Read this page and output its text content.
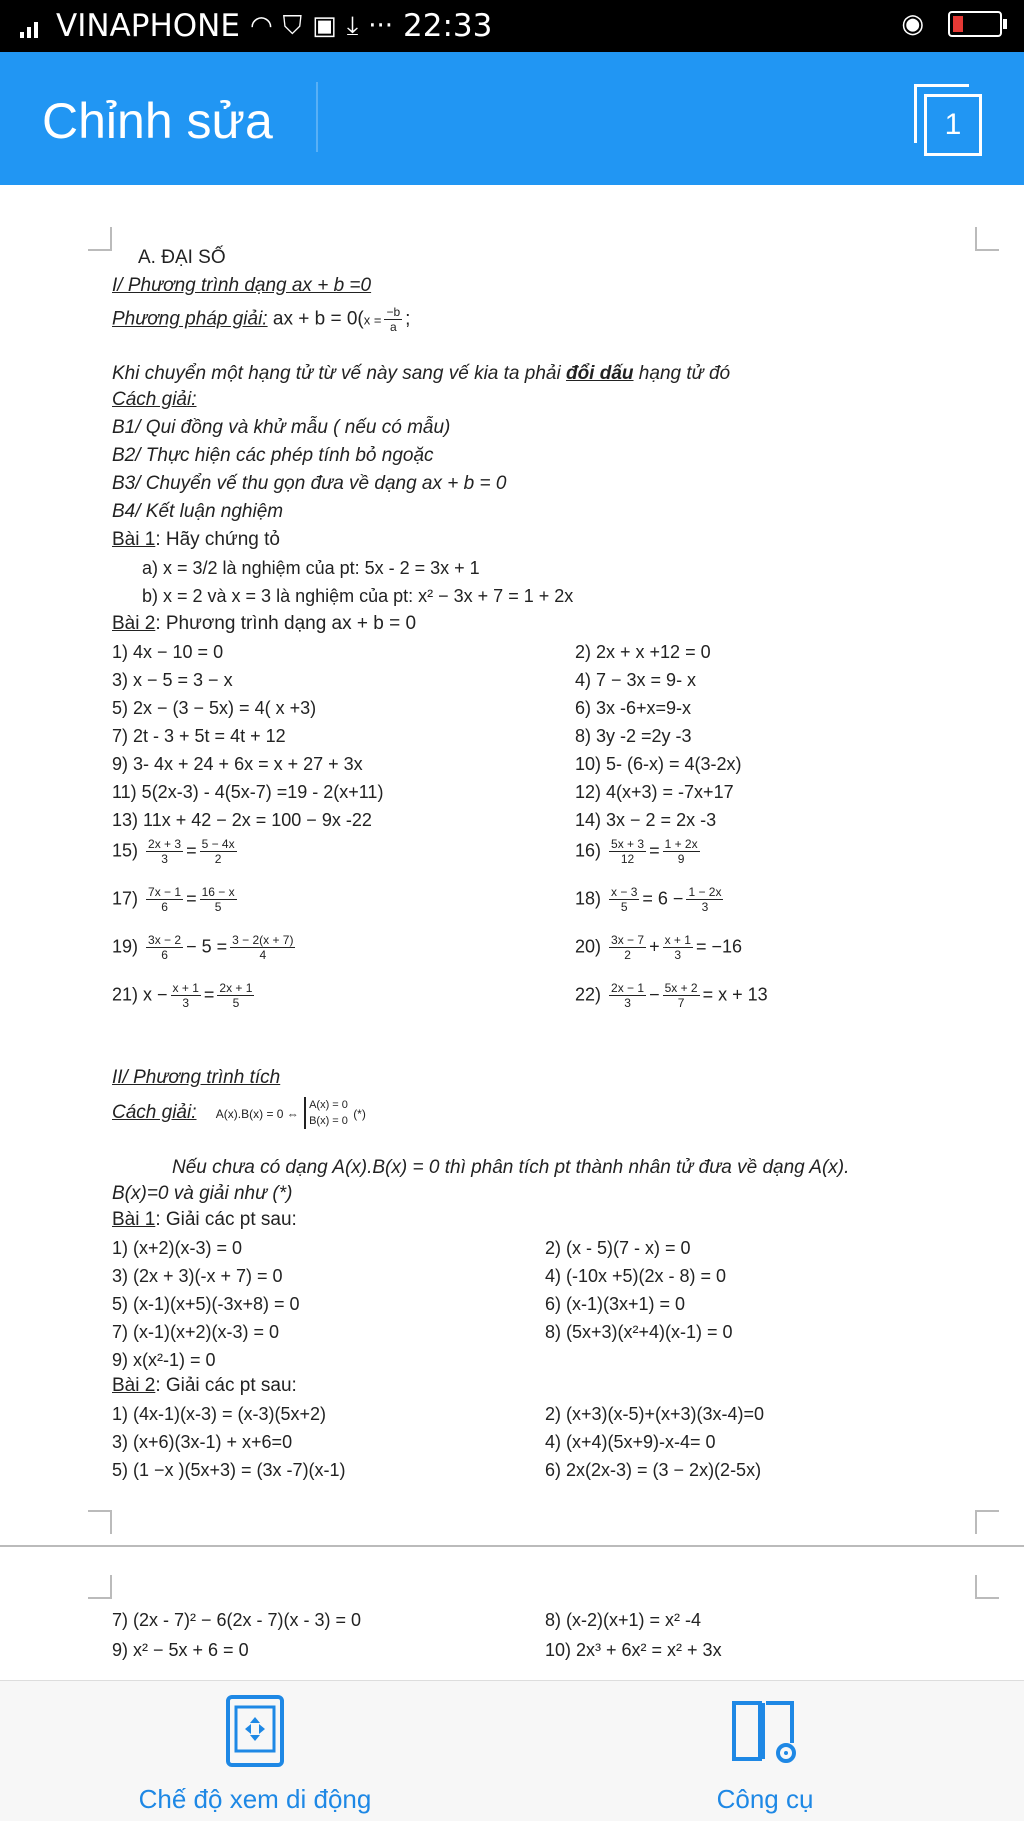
VINAPHONE ◠ ⛉ ▣ ⤓ ··· 22:33	◉
Chỉnh sửa	1
A. ĐẠI SỐ
I/ Phương trình dạng ax + b =0
Phương pháp giải: ax + $b = 0(x = \frac{-b}{a}$ ;
Khi chuyển một hạng tử từ vế này sang vế kia ta phải đổi dấu hạng tử đó
Cách giải:
B1/ Qui đồng và khử mẫu ( nếu có mẫu)
B2/ Thực hiện các phép tính bỏ ngoặc
B3/ Chuyển vế thu gọn đưa về dạng ax + b = 0
B4/ Kết luận nghiệm
Bài 1: Hãy chứng tỏ
a) x = 3/2 là nghiệm của pt: 5x - 2 = 3x + 1
b) x = 2 và x = 3 là nghiệm của pt: x² − 3x + 7 = 1 + 2x
Bài 2: Phương trình dạng ax + b = 0
1) 4x − 10 = 0	2) 2x + x +12 = 0
3) x − 5 = 3 − x	4) 7 − 3x = 9- x
5) 2x − (3 − 5x) = 4( x +3)	6) 3x -6+x=9-x
7) 2t - 3 + 5t = 4t + 12	8) 3y -2 =2y -3
9) 3- 4x + 24 + 6x = x + 27 + 3x	10) 5- (6-x) = 4(3-2x)
11) 5(2x-3) - 4(5x-7) =19 - 2(x+11)	12) 4(x+3) = -7x+17
13) 11x + 42 − 2x = 100 − 9x -22	14) 3x − 2 = 2x -3
$15) \frac{2x + 3}{3} = \frac{5 - 4x}{2}$	$16) \frac{5x + 3}{12} = \frac{1 + 2x}{9}$
$17) \frac{7x - 1}{6} = \frac{16 - x}{5}$	$18) \frac{x - 3}{5} = 6 - \frac{1 - 2x}{3}$
$19) \frac{3x - 2}{6} - 5 = \frac{3 - 2(x + 7)}{4}$	$20) \frac{3x - 7}{2} + \frac{x + 1}{3} = -16$
21) $x - \frac{x + 1}{3} = \frac{2x + 1}{5}$	$22) \frac{2x - 1}{3} - \frac{5x + 2}{7} = x + 13$
II/ Phương trình tích
Cách giải: A(x).B(x) = 0 ⇔
A(x) = 0
B(x) = 0 (*)
Nếu chưa có dạng A(x).B(x) = 0 thì phân tích pt thành nhân tử đưa về dạng A(x).
B(x)=0 và giải như (*)
Bài 1: Giải các pt sau:
1) (x+2)(x-3) = 0	2) (x - 5)(7 - x) = 0
3) (2x + 3)(-x + 7) = 0	4) (-10x +5)(2x - 8) = 0
5) (x-1)(x+5)(-3x+8) = 0	6) (x-1)(3x+1) = 0
7) (x-1)(x+2)(x-3) = 0	8) (5x+3)(x²+4)(x-1) = 0
9) x(x²-1) = 0
Bài 2: Giải các pt sau:
1) (4x-1)(x-3) = (x-3)(5x+2)	2) (x+3)(x-5)+(x+3)(3x-4)=0
3) (x+6)(3x-1) + x+6=0	4) (x+4)(5x+9)-x-4= 0
5) (1 −x )(5x+3) = (3x -7)(x-1)	6) 2x(2x-3) = (3 − 2x)(2-5x)
7) (2x - 7)² − 6(2x - 7)(x - 3) = 0	8) (x-2)(x+1) = x² -4
9) x² − 5x + 6 = 0	10) 2x³ + 6x² = x² + 3x
Chế độ xem di động	Công cụ
